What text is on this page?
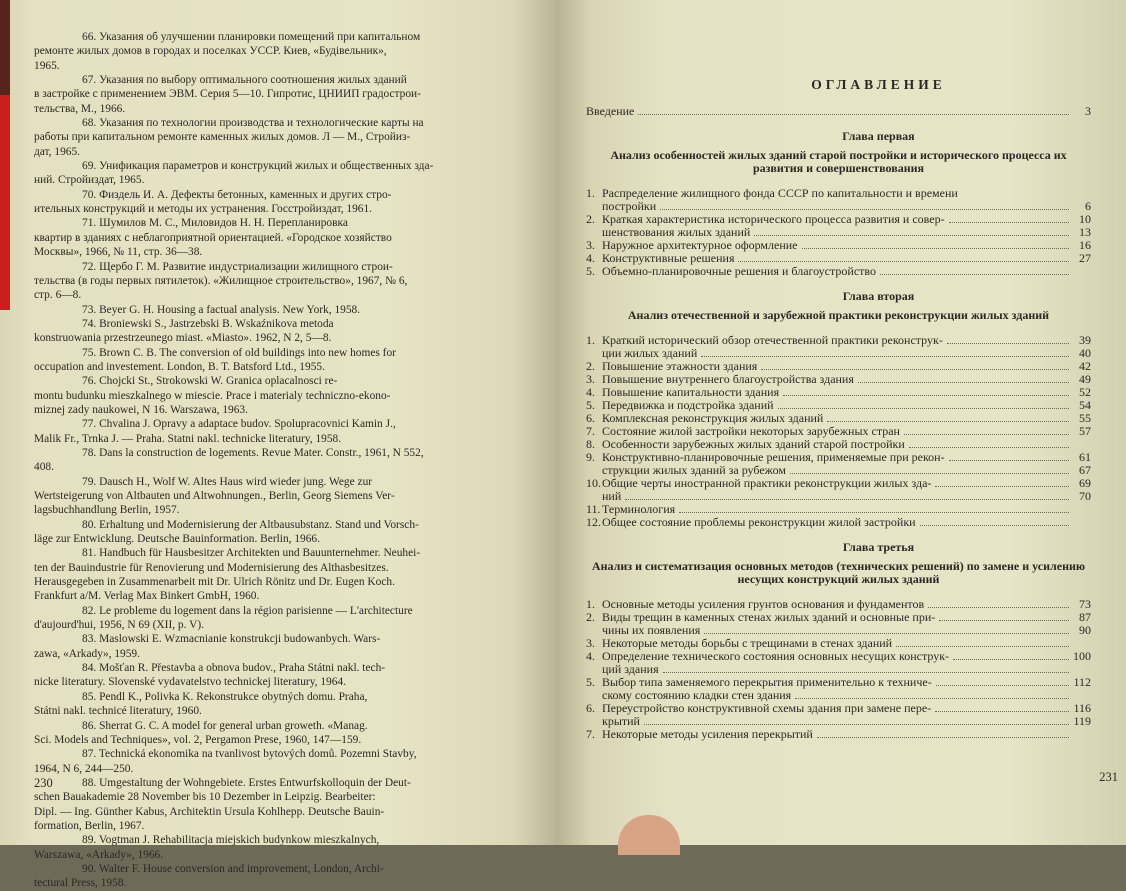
66. Указания об улучшении планировки помещений при капитальном
ремонте жилых домов в городах и поселках УССР. Киев, «Будівельник»,
1965.
67. Указания по выбору оптимального соотношения жилых зданий
в застройке с применением ЭВМ. Серия 5—10. Гипротис, ЦНИИП градострои-
тельства, М., 1966.
68. Указания по технологии производства и технологические карты на
работы при капитальном ремонте каменных жилых домов. Л — М., Стройиз-
дат, 1965.
69. Унификация параметров и конструкций жилых и общественных зда-
ний. Стройиздат, 1965.
70. Физдель И. А. Дефекты бетонных, каменных и других стро-
ительных конструкций и методы их устранения. Госстройиздат, 1961.
71. Шумилов М. С., Миловидов Н. Н. Перепланировка
квартир в зданиях с неблагоприятной ориентацией. «Городское хозяйство
Москвы», 1966, № 11, стр. 36—38.
72. Щербо Г. М. Развитие индустриализации жилищного строи-
тельства (в годы первых пятилеток). «Жилищное строительство», 1967, № 6,
стр. 6—8.
73. Beyer G. H. Housing a factual analysis. New York, 1958.
74. Broniewski S., Jastrzebski B. Wskaźnikova metoda
konstruowania przestrzeunego miast. «Miasto». 1962, N 2, 5—8.
75. Brown C. B. The conversion of old buildings into new homes for
occupation and investement. London, B. T. Batsford Ltd., 1955.
76. Chojcki St., Strokowski W. Granica oplacalnosci re-
montu budunku mieszkalnego w miescie. Prace i materialy techniczno-ekono-
miznej zady naukowei, N 16. Warszawa, 1963.
77. Chvalina J. Opravy a adaptace budov. Spolupracovnici Kamin J.,
Malik Fr., Trnka J. — Praha. Statni nakl. technicke literatury, 1958.
78. Dans la construction de logements. Revue Mater. Constr., 1961, N 552,
408.
79. Dausch H., Wolf W. Altes Haus wird wieder jung. Wege zur
Wertsteigerung von Altbauten und Altwohnungen., Berlin, Georg Siemens Ver-
lagsbuchhandlung Berlin, 1957.
80. Erhaltung und Modernisierung der Altbausubstanz. Stand und Vorsch-
läge zur Entwicklung. Deutsche Bauinformation. Berlin, 1966.
81. Handbuch für Hausbesitzer Architekten und Bauunternehmer. Neuhei-
ten der Bauindustrie für Renovierung und Modernisierung des Althasbesitzes.
Herausgegeben in Zusammenarbeit mit Dr. Ulrich Rönitz und Dr. Eugen Koch.
Frankfurt a/M. Verlag Max Binkert GmbH, 1960.
82. Le probleme du logement dans la région parisienne — L'architecture
d'aujourd'hui, 1956, N 69 (XII, p. V).
83. Maslowski E. Wzmacnianie konstrukcji budowanbych. Wars-
zawa, «Arkady», 1959.
84. Mošťan R. Přestavba a obnova budov., Praha Státni nakl. tech-
nicke literatury. Slovenské vydavatelstvo technickej literatury, 1964.
85. Pendl K., Polivka K. Rekonstrukce obytných domu. Praha,
Státni nakl. technicé literatury, 1960.
86. Sherrat G. C. A model for general urban groweth. «Manag.
Sci. Models and Techniques», vol. 2, Pergamon Prese, 1960, 147—159.
87. Technická ekonomika na tvanlivost bytových domů. Pozemni Stavby,
1964, N 6, 244—250.
88. Umgestaltung der Wohngebiete. Erstes Entwurfskolloquin der Deut-
schen Bauakademie 28 November bis 10 Dezember in Leipzig. Bearbeiter:
Dipl. — Ing. Günther Kabus, Architektin Ursula Kohlhepp. Deutsche Bauin-
formation, Berlin, 1967.
89. Vogtman J. Rehabilitacja miejskich budynkow mieszkalnych,
Warszawa, «Arkady», 1966.
90. Walter F. House conversion and improvement, London, Archi-
tectural Press, 1958.
230
ОГЛАВЛЕНИЕ
Введение	3
Глава первая
Анализ особенностей жилых зданий старой постройки и исторического процесса их развития и совершенствования
1. Распределение жилищного фонда СССР по капитальности и времени
постройки	6
2. Краткая характеристика исторического процесса развития и совер-	10
шенствования жилых зданий	13
3. Наружное архитектурное оформление	16
4. Конструктивные решения	27
5. Объемно-планировочные решения и благоустройство
Глава вторая
Анализ отечественной и зарубежной практики реконструкции жилых зданий
1. Краткий исторический обзор отечественной практики реконструк-	39
ции жилых зданий	40
2. Повышение этажности здания	42
3. Повышение внутреннего благоустройства здания	49
4. Повышение капитальности здания	52
5. Передвижка и подстройка зданий	54
6. Комплексная реконструкция жилых зданий	55
7. Состояние жилой застройки некоторых зарубежных стран	57
8. Особенности зарубежных жилых зданий старой постройки
9. Конструктивно-планировочные решения, применяемые при рекон-	61
струкции жилых зданий за рубежом	67
10.Общие черты иностранной практики реконструкции жилых зда-	69
ний	70
11.Терминология
12.Общее состояние проблемы реконструкции жилой застройки
Глава третья
Анализ и систематизация основных методов (технических решений) по замене и усилению несущих конструкций жилых зданий
1. Основные методы усиления грунтов основания и фундаментов	73
2. Виды трещин в каменных стенах жилых зданий и основные при-	87
чины их появления	90
3. Некоторые методы борьбы с трещинами в стенах зданий
4. Определение технического состояния основных несущих конструк-	100
ций здания
5. Выбор типа заменяемого перекрытия применительно к техниче-	112
скому состоянию кладки стен здания
6. Переустройство конструктивной схемы здания при замене пере-	116
крытий	119
7. Некоторые методы усиления перекрытий
231
